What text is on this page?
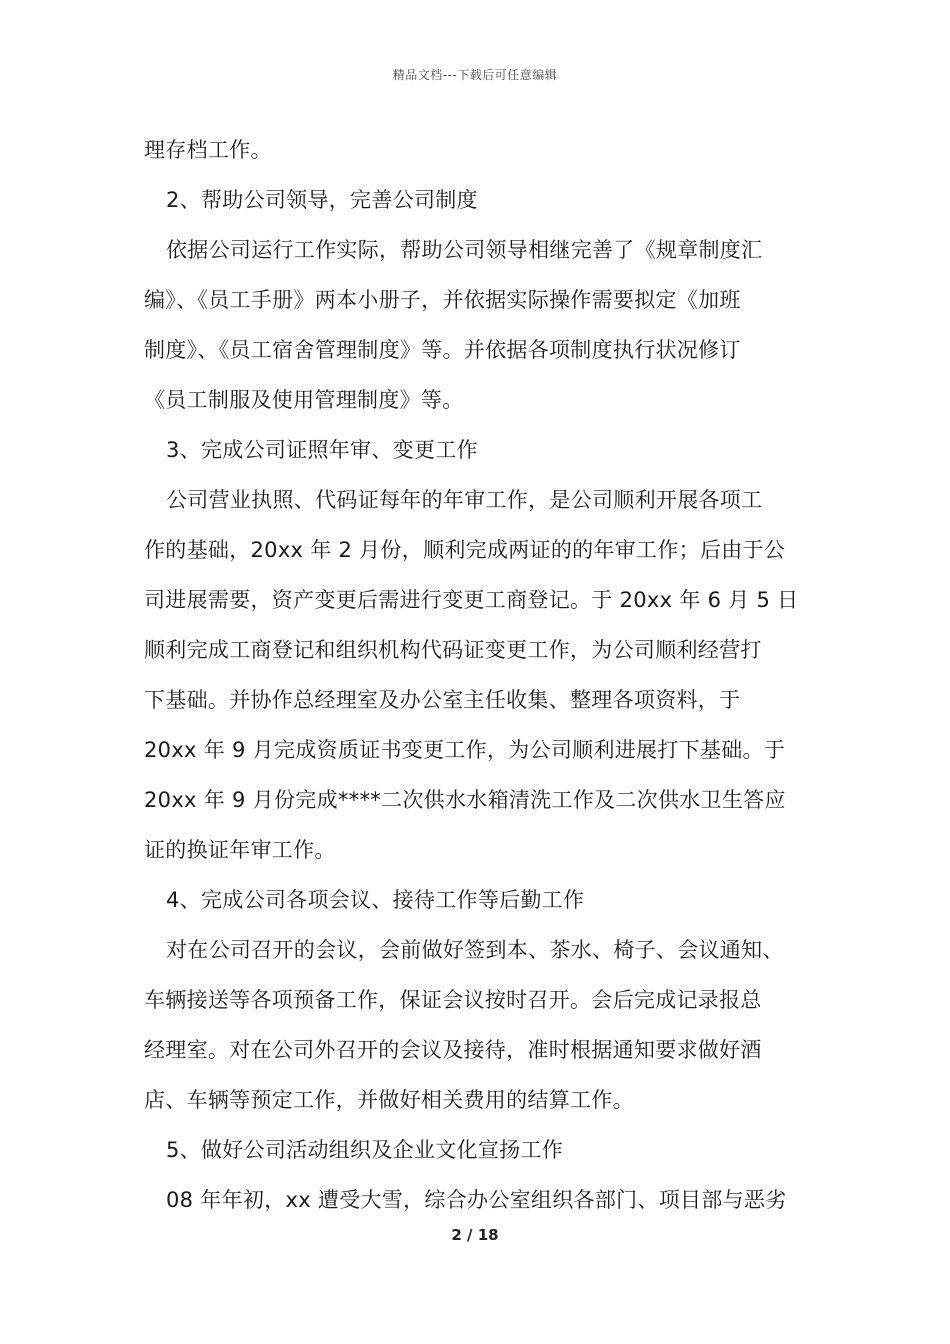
精品文档---下载后可任意编辑
理存档工作。
2、帮助公司领导，完善公司制度
依据公司运行工作实际，帮助公司领导相继完善了《规章制度汇
编》、《员工手册》两本小册子，并依据实际操作需要拟定《加班
制度》、《员工宿舍管理制度》等。并依据各项制度执行状况修订
《员工制服及使用管理制度》等。
3、完成公司证照年审、变更工作
公司营业执照、代码证每年的年审工作，是公司顺利开展各项工
作的基础，20xx 年 2 月份，顺利完成两证的的年审工作；后由于公
司进展需要，资产变更后需进行变更工商登记。于 20xx 年 6 月 5 日
顺利完成工商登记和组织机构代码证变更工作，为公司顺利经营打
下基础。并协作总经理室及办公室主任收集、整理各项资料，于
20xx 年 9 月完成资质证书变更工作，为公司顺利进展打下基础。于
20xx 年 9 月份完成****二次供水水箱清洗工作及二次供水卫生答应
证的换证年审工作。
4、完成公司各项会议、接待工作等后勤工作
对在公司召开的会议，会前做好签到本、茶水、椅子、会议通知、
车辆接送等各项预备工作，保证会议按时召开。会后完成记录报总
经理室。对在公司外召开的会议及接待，准时根据通知要求做好酒
店、车辆等预定工作，并做好相关费用的结算工作。
5、做好公司活动组织及企业文化宣扬工作
08 年年初，xx 遭受大雪，综合办公室组织各部门、项目部与恶劣
2 / 18
